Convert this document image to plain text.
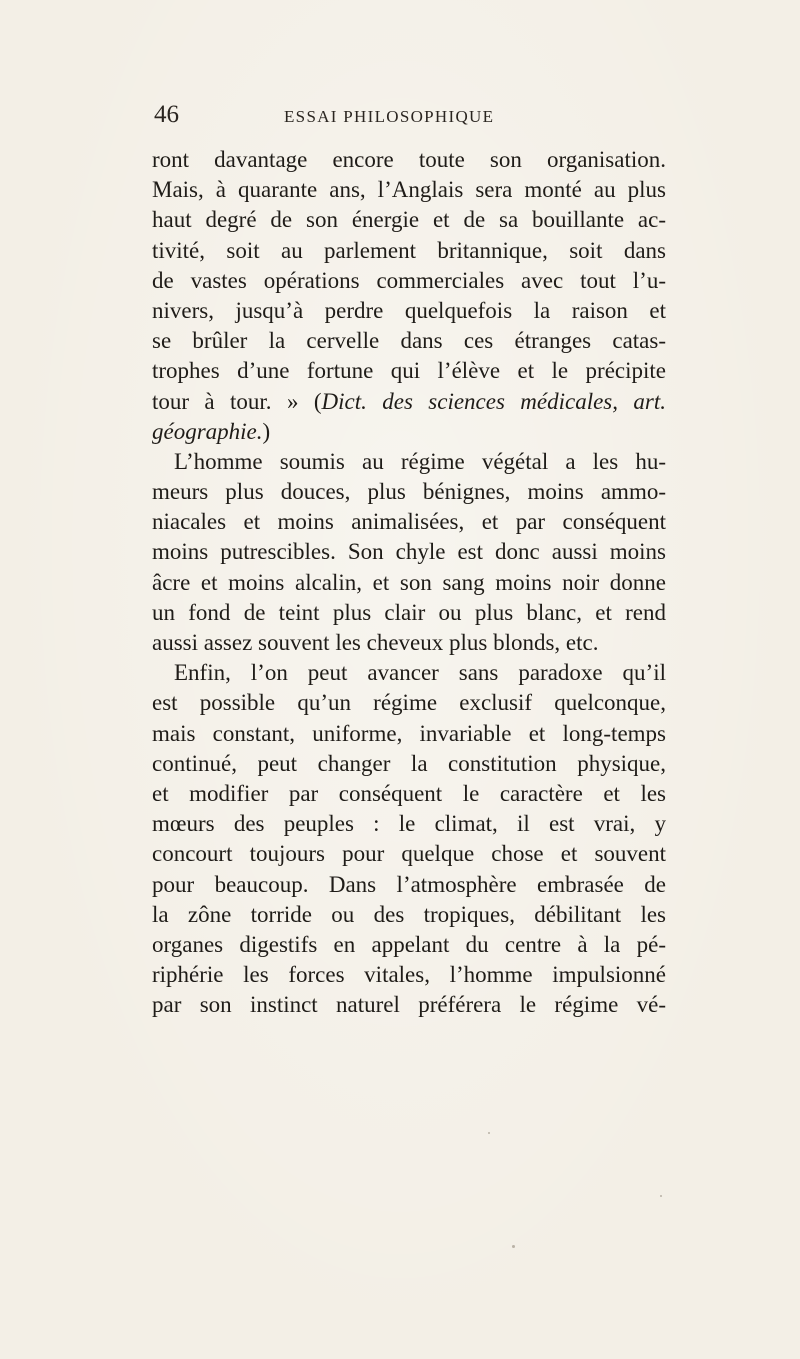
46	ESSAI PHILOSOPHIQUE
ront davantage encore toute son organisation.
Mais, à quarante ans, l’Anglais sera monté au plus
haut degré de son énergie et de sa bouillante ac-
tivité, soit au parlement britannique, soit dans
de vastes opérations commerciales avec tout l’u-
nivers, jusqu’à perdre quelquefois la raison et
se brûler la cervelle dans ces étranges catas-
trophes d’une fortune qui l’élève et le précipite
tour à tour. » (Dict. des sciences médicales, art.
géographie.)
L’homme soumis au régime végétal a les hu-
meurs plus douces, plus bénignes, moins ammo-
niacales et moins animalisées, et par conséquent
moins putrescibles. Son chyle est donc aussi moins
âcre et moins alcalin, et son sang moins noir donne
un fond de teint plus clair ou plus blanc, et rend
aussi assez souvent les cheveux plus blonds, etc.
Enfin, l’on peut avancer sans paradoxe qu’il
est possible qu’un régime exclusif quelconque,
mais constant, uniforme, invariable et long-temps
continué, peut changer la constitution physique,
et modifier par conséquent le caractère et les
mœurs des peuples : le climat, il est vrai, y
concourt toujours pour quelque chose et souvent
pour beaucoup. Dans l’atmosphère embrasée de
la zône torride ou des tropiques, débilitant les
organes digestifs en appelant du centre à la pé-
riphérie les forces vitales, l’homme impulsionné
par son instinct naturel préférera le régime vé-
